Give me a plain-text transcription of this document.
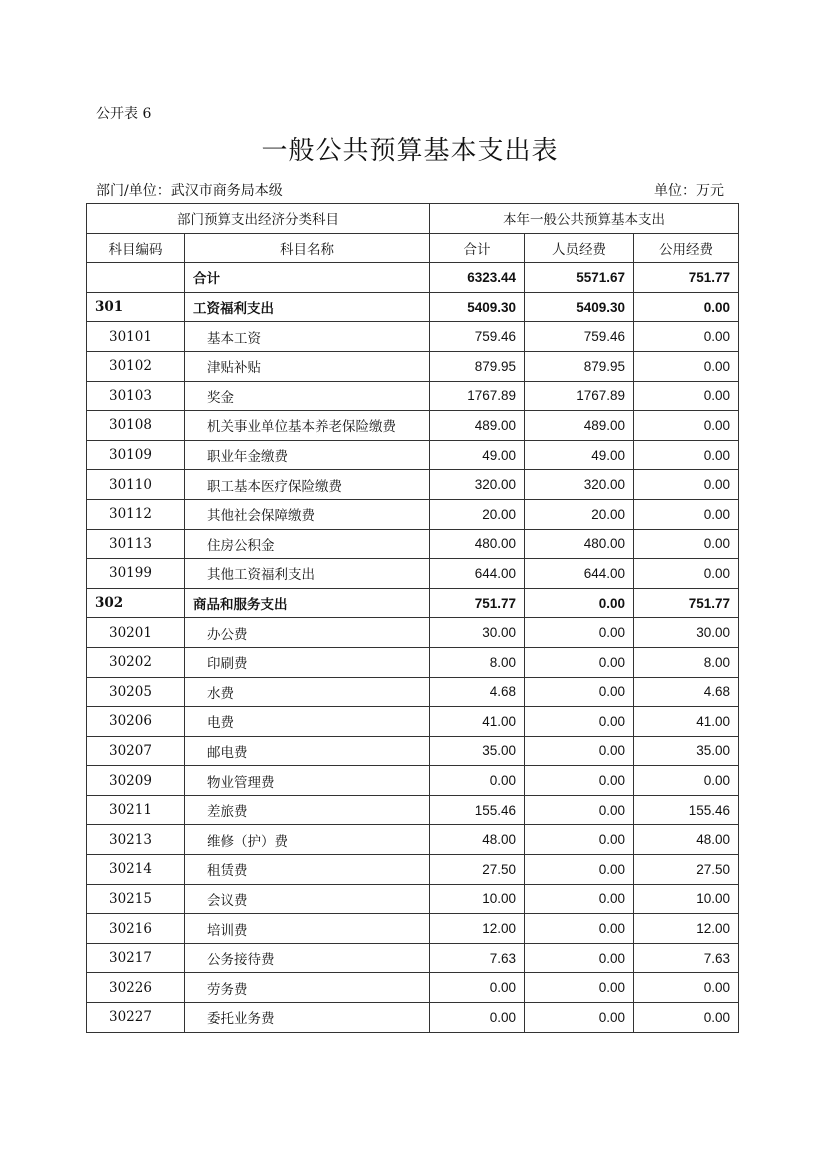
公开表 6
一般公共预算基本支出表
部门/单位：武汉市商务局本级	单位：万元
部门预算支出经济分类科目		本年一般公共预算基本支出		
科目编码	科目名称	合计	人员经费	公用经费
	合计	6323.44	5571.67	751.77
301	工资福利支出	5409.30	5409.30	0.00
30101	基本工资	759.46	759.46	0.00
30102	津贴补贴	879.95	879.95	0.00
30103	奖金	1767.89	1767.89	0.00
30108	机关事业单位基本养老保险缴费	489.00	489.00	0.00
30109	职业年金缴费	49.00	49.00	0.00
30110	职工基本医疗保险缴费	320.00	320.00	0.00
30112	其他社会保障缴费	20.00	20.00	0.00
30113	住房公积金	480.00	480.00	0.00
30199	其他工资福利支出	644.00	644.00	0.00
302	商品和服务支出	751.77	0.00	751.77
30201	办公费	30.00	0.00	30.00
30202	印刷费	8.00	0.00	8.00
30205	水费	4.68	0.00	4.68
30206	电费	41.00	0.00	41.00
30207	邮电费	35.00	0.00	35.00
30209	物业管理费	0.00	0.00	0.00
30211	差旅费	155.46	0.00	155.46
30213	维修（护）费	48.00	0.00	48.00
30214	租赁费	27.50	0.00	27.50
30215	会议费	10.00	0.00	10.00
30216	培训费	12.00	0.00	12.00
30217	公务接待费	7.63	0.00	7.63
30226	劳务费	0.00	0.00	0.00
30227	委托业务费	0.00	0.00	0.00
